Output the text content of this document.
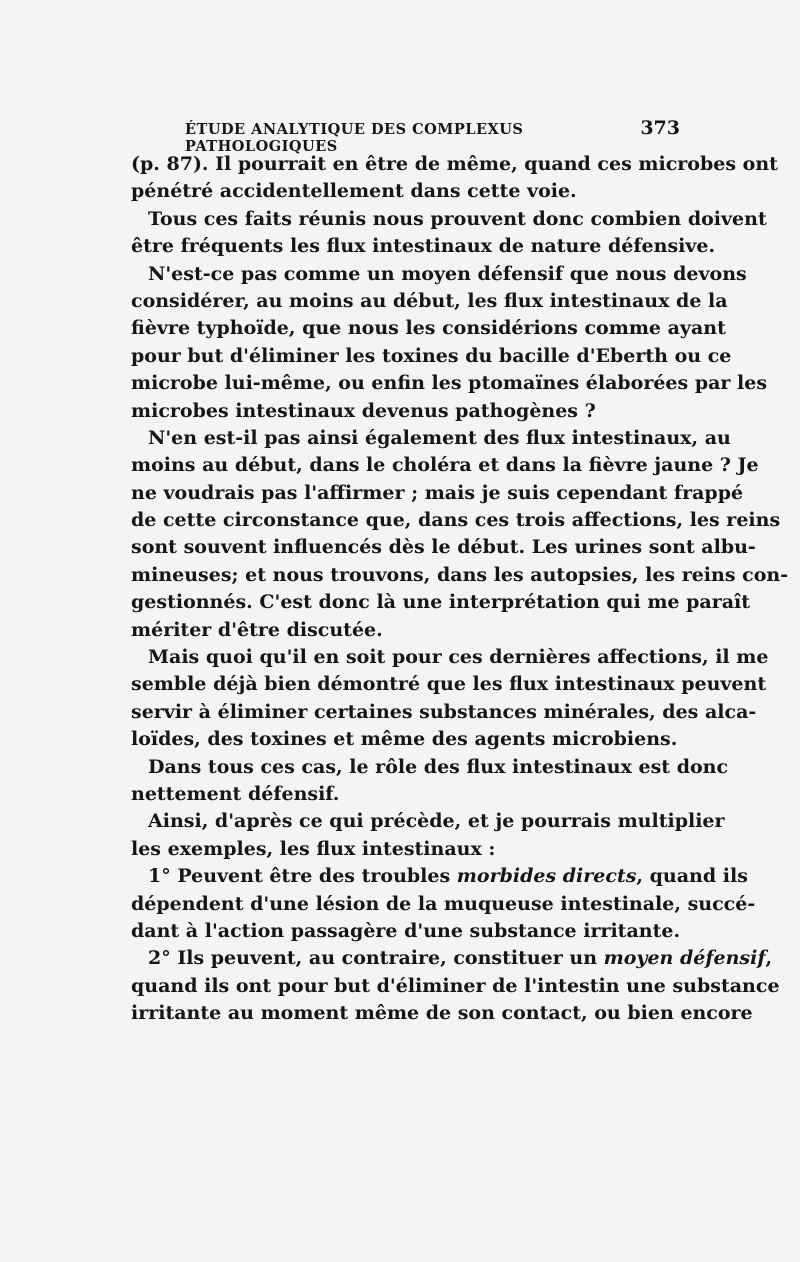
ÉTUDE ANALYTIQUE DES COMPLEXUS PATHOLOGIQUES
373
(p. 87). Il pourrait en être de même, quand ces microbes ont
pénétré accidentellement dans cette voie.
Tous ces faits réunis nous prouvent donc combien doivent
être fréquents les flux intestinaux de nature défensive.
N'est-ce pas comme un moyen défensif que nous devons
considérer, au moins au début, les flux intestinaux de la
fièvre typhoïde, que nous les considérions comme ayant
pour but d'éliminer les toxines du bacille d'Eberth ou ce
microbe lui-même, ou enfin les ptomaïnes élaborées par les
microbes intestinaux devenus pathogènes ?
N'en est-il pas ainsi également des flux intestinaux, au
moins au début, dans le choléra et dans la fièvre jaune ? Je
ne voudrais pas l'affirmer ; mais je suis cependant frappé
de cette circonstance que, dans ces trois affections, les reins
sont souvent influencés dès le début. Les urines sont albu-
mineuses; et nous trouvons, dans les autopsies, les reins con-
gestionnés. C'est donc là une interprétation qui me paraît
mériter d'être discutée.
Mais quoi qu'il en soit pour ces dernières affections, il me
semble déjà bien démontré que les flux intestinaux peuvent
servir à éliminer certaines substances minérales, des alca-
loïdes, des toxines et même des agents microbiens.
Dans tous ces cas, le rôle des flux intestinaux est donc
nettement défensif.
Ainsi, d'après ce qui précède, et je pourrais multiplier
les exemples, les flux intestinaux :
1° Peuvent être des troubles morbides directs, quand ils
dépendent d'une lésion de la muqueuse intestinale, succé-
dant à l'action passagère d'une substance irritante.
2° Ils peuvent, au contraire, constituer un moyen défensif,
quand ils ont pour but d'éliminer de l'intestin une substance
irritante au moment même de son contact, ou bien encore
